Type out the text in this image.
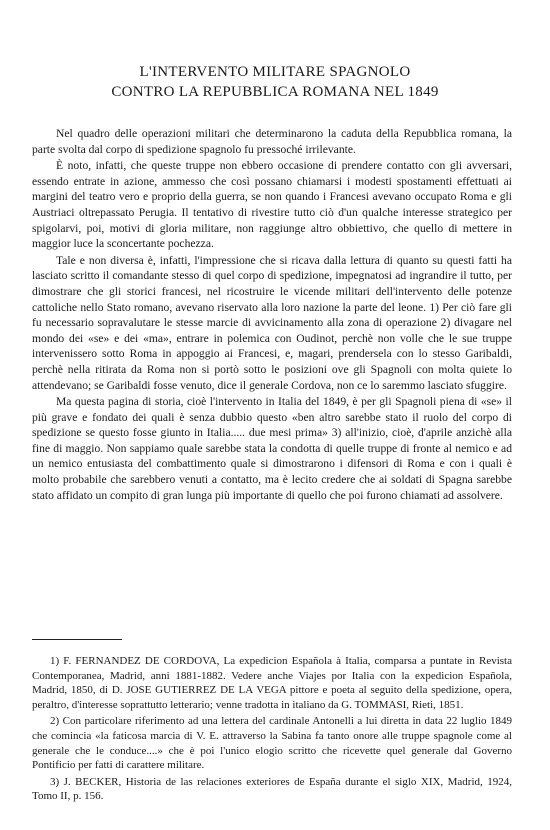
L'INTERVENTO MILITARE SPAGNOLO
CONTRO LA REPUBBLICA ROMANA NEL 1849

Nel quadro delle operazioni militari che determinarono la caduta della Repubblica romana, la parte svolta dal corpo di spedizione spagnolo fu pressoché irrilevante.

È noto, infatti, che queste truppe non ebbero occasione di prendere contatto con gli avversari, essendo entrate in azione, ammesso che così possano chiamarsi i modesti spostamenti effettuati ai margini del teatro vero e proprio della guerra, se non quando i Francesi avevano occupato Roma e gli Austriaci oltrepassato Perugia. Il tentativo di rivestire tutto ciò d'un qualche interesse strategico per spigolarvi, poi, motivi di gloria militare, non raggiunge altro obbiettivo, che quello di mettere in maggior luce la sconcertante pochezza.

Tale e non diversa è, infatti, l'impressione che si ricava dalla lettura di quanto su questi fatti ha lasciato scritto il comandante stesso di quel corpo di spedizione, impegnatosi ad ingrandire il tutto, per dimostrare che gli storici francesi, nel ricostruire le vicende militari dell'intervento delle potenze cattoliche nello Stato romano, avevano riservato alla loro nazione la parte del leone. 1) Per ciò fare gli fu necessario sopravalutare le stesse marcie di avvicinamento alla zona di operazione 2) divagare nel mondo dei «se» e dei «ma», entrare in polemica con Oudinot, perchè non volle che le sue truppe intervenissero sotto Roma in appoggio ai Francesi, e, magari, prendersela con lo stesso Garibaldi, perchè nella ritirata da Roma non si portò sotto le posizioni ove gli Spagnoli con molta quiete lo attendevano; se Garibaldi fosse venuto, dice il generale Cordova, non ce lo saremmo lasciato sfuggire.

Ma questa pagina di storia, cioè l'intervento in Italia del 1849, è per gli Spagnoli piena di «se» il più grave e fondato dei quali è senza dubbio questo «ben altro sarebbe stato il ruolo del corpo di spedizione se questo fosse giunto in Italia..... due mesi prima» 3) all'inizio, cioè, d'aprile anzichè alla fine di maggio. Non sappiamo quale sarebbe stata la condotta di quelle truppe di fronte al nemico e ad un nemico entusiasta del combattimento quale si dimostrarono i difensori di Roma e con i quali è molto probabile che sarebbero venuti a contatto, ma è lecito credere che ai soldati di Spagna sarebbe stato affidato un compito di gran lunga più importante di quello che poi furono chiamati ad assolvere.

1) F. FERNANDEZ DE CORDOVA, La expedicion Española à Italia, comparsa a puntate in Revista Contemporanea, Madrid, anni 1881-1882. Vedere anche Viajes por Italia con la expedicion Española, Madrid, 1850, di D. JOSE GUTIERREZ DE LA VEGA pittore e poeta al seguito della spedizione, opera, peraltro, d'interesse soprattutto letterario; venne tradotta in italiano da G. TOMMASI, Rieti, 1851.

2) Con particolare riferimento ad una lettera del cardinale Antonelli a lui diretta in data 22 luglio 1849 che comincia «la faticosa marcia di V. E. attraverso la Sabina fa tanto onore alle truppe spagnole come al generale che le conduce....» che è poi l'unico elogio scritto che ricevette quel generale dal Governo Pontificio per fatti di carattere militare.

3) J. BECKER, Historia de las relaciones exteriores de España durante el siglo XIX, Madrid, 1924, Tomo II, p. 156.
